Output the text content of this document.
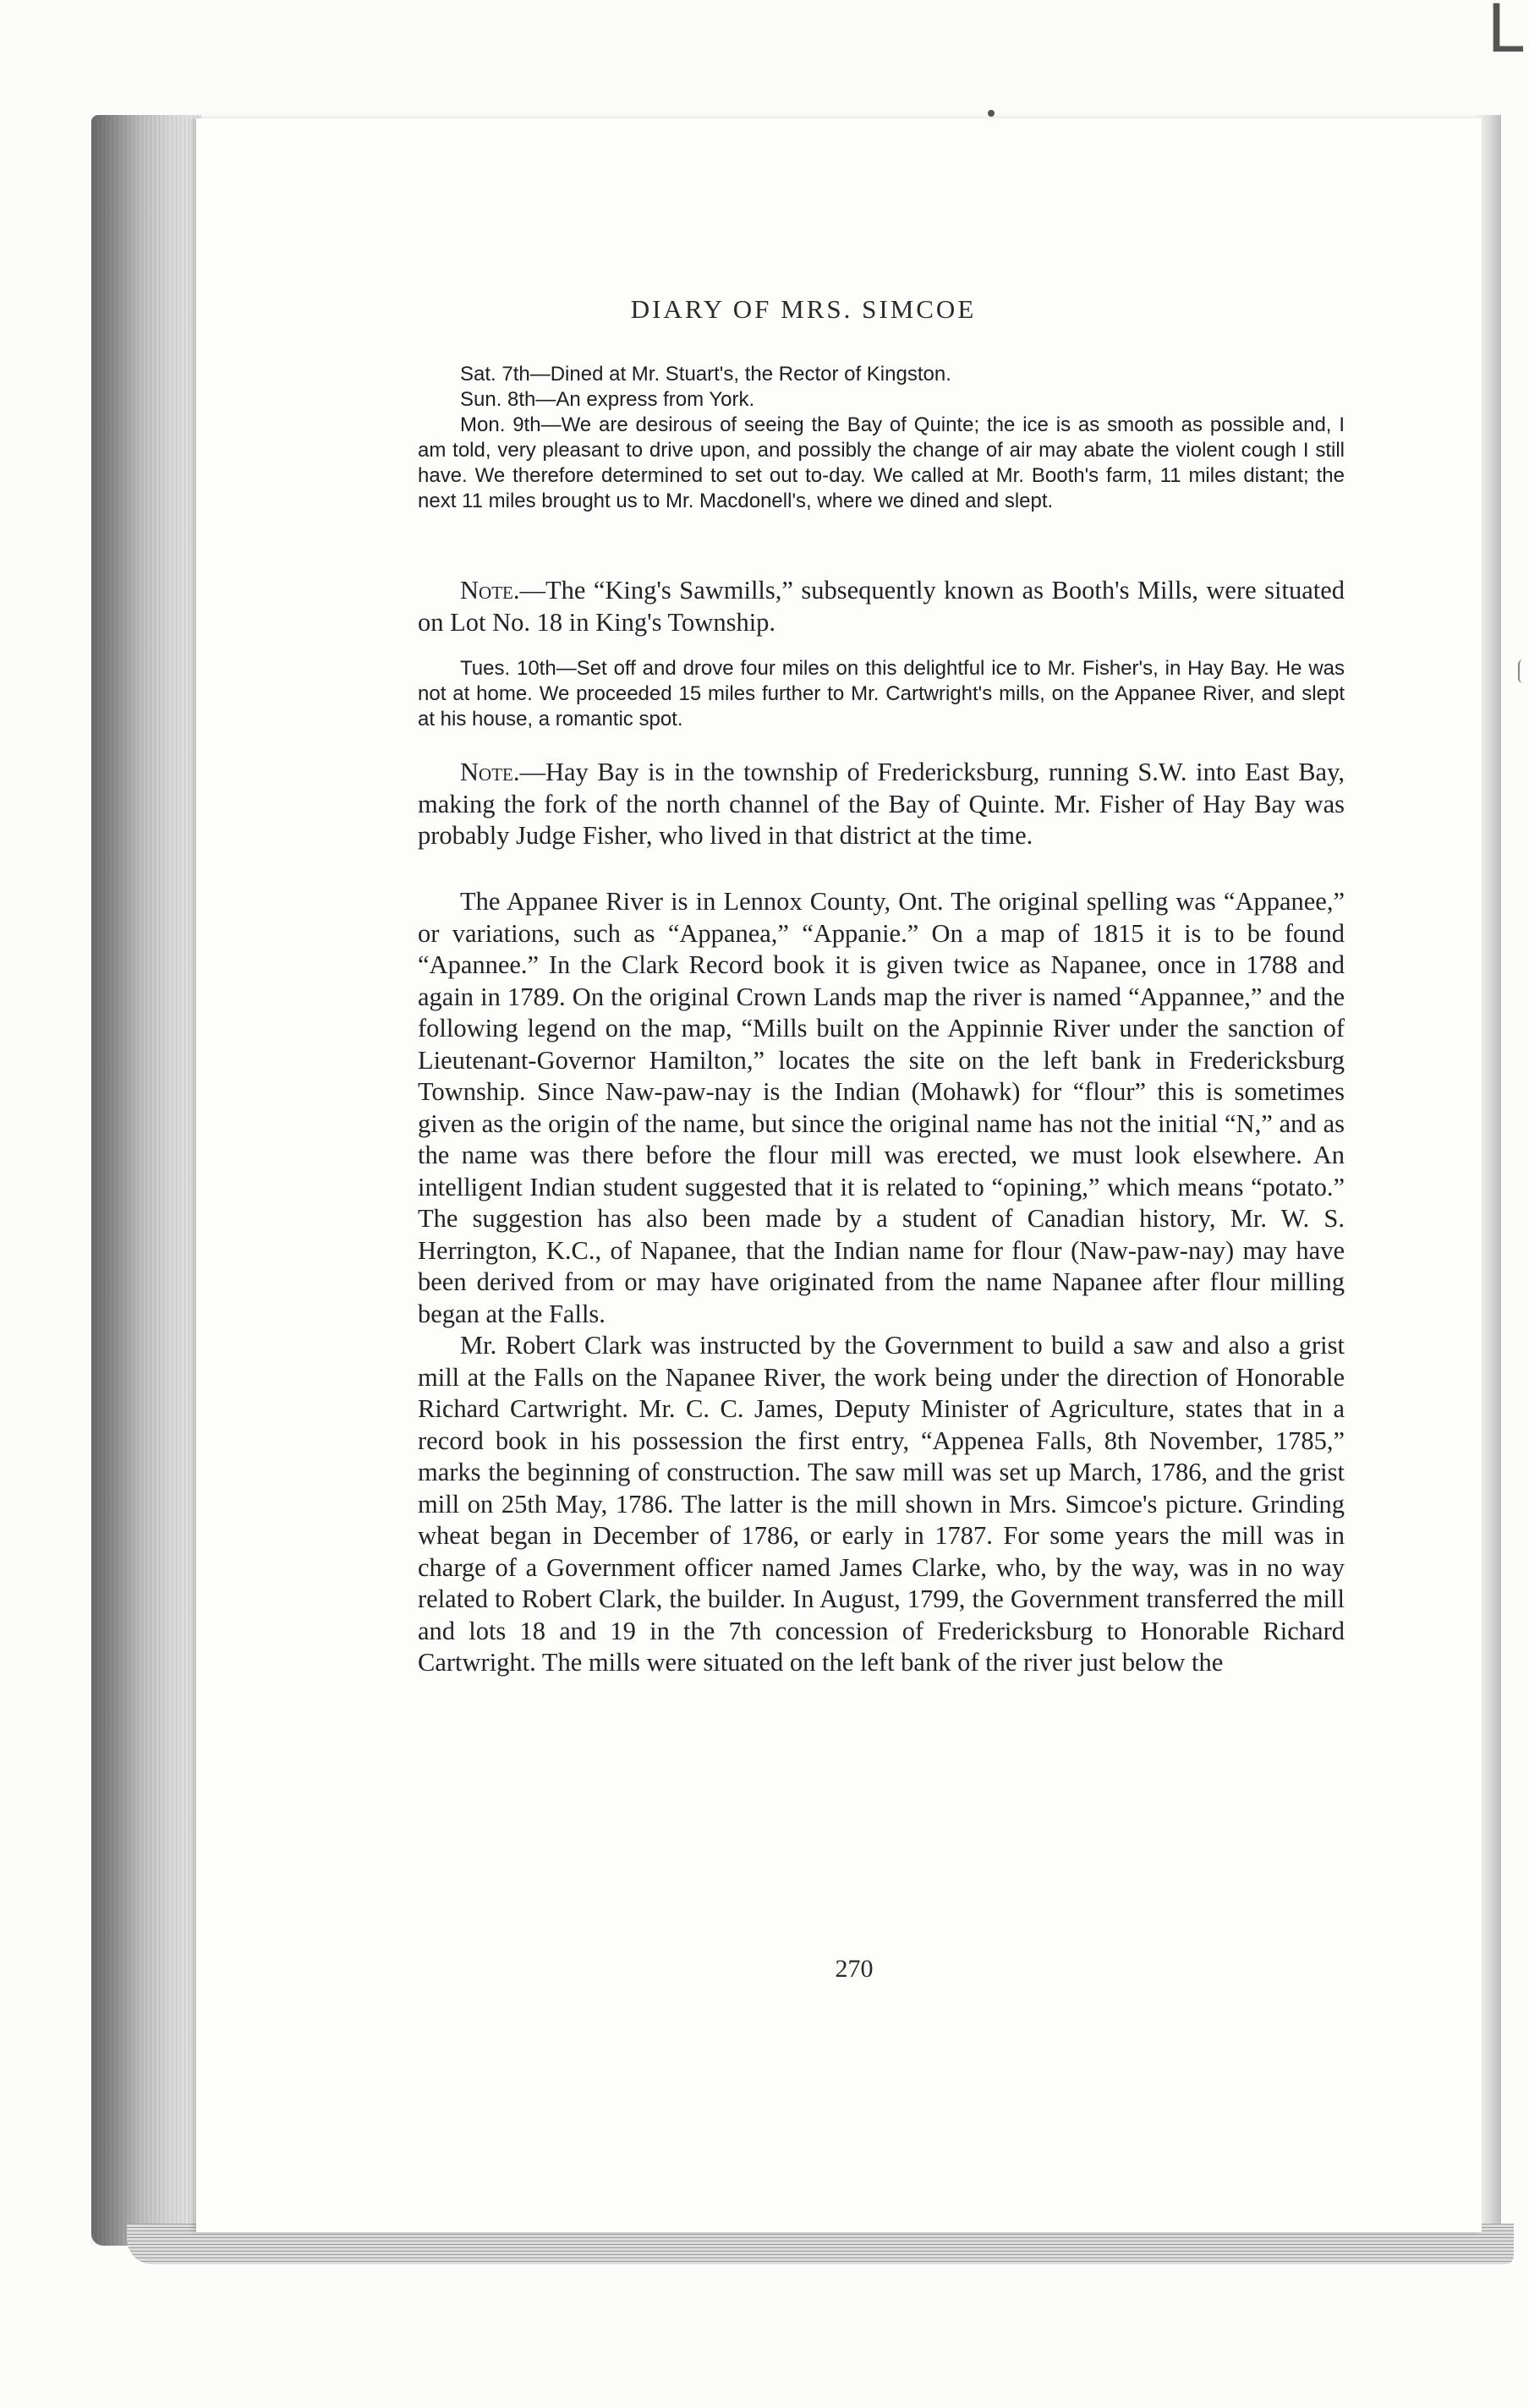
L
DIARY OF MRS. SIMCOE

Sat. 7th—Dined at Mr. Stuart's, the Rector of Kingston.

Sun. 8th—An express from York.

Mon. 9th—We are desirous of seeing the Bay of Quinte; the ice is as smooth as possible and, I am told, very pleasant to drive upon, and possibly the change of air may abate the violent cough I still have. We therefore determined to set out to-day. We called at Mr. Booth's farm, 11 miles distant; the next 11 miles brought us to Mr. Macdonell's, where we dined and slept.

Note.—The “King's Sawmills,” subsequently known as Booth's Mills, were situated on Lot No. 18 in King's Township.

Tues. 10th—Set off and drove four miles on this delightful ice to Mr. Fisher's, in Hay Bay. He was not at home. We proceeded 15 miles further to Mr. Cartwright's mills, on the Appanee River, and slept at his house, a romantic spot.

Note.—Hay Bay is in the township of Fredericksburg, running S.W. into East Bay, making the fork of the north channel of the Bay of Quinte. Mr. Fisher of Hay Bay was probably Judge Fisher, who lived in that district at the time.

The Appanee River is in Lennox County, Ont. The original spelling was “Appanee,” or variations, such as “Appanea,” “Appanie.” On a map of 1815 it is to be found “Apannee.” In the Clark Record book it is given twice as Napanee, once in 1788 and again in 1789. On the original Crown Lands map the river is named “Appannee,” and the following legend on the map, “Mills built on the Appinnie River under the sanction of Lieutenant-Governor Hamilton,” locates the site on the left bank in Fredericksburg Township. Since Naw-paw-nay is the Indian (Mohawk) for “flour” this is sometimes given as the origin of the name, but since the original name has not the initial “N,” and as the name was there before the flour mill was erected, we must look elsewhere. An intelligent Indian student suggested that it is related to “opining,” which means “potato.” The suggestion has also been made by a student of Canadian history, Mr. W. S. Herrington, K.C., of Napanee, that the Indian name for flour (Naw-paw-nay) may have been derived from or may have originated from the name Napanee after flour milling began at the Falls.

Mr. Robert Clark was instructed by the Government to build a saw and also a grist mill at the Falls on the Napanee River, the work being under the direction of Honorable Richard Cartwright. Mr. C. C. James, Deputy Minister of Agriculture, states that in a record book in his possession the first entry, “Appenea Falls, 8th November, 1785,” marks the beginning of construction. The saw mill was set up March, 1786, and the grist mill on 25th May, 1786. The latter is the mill shown in Mrs. Simcoe's picture. Grinding wheat began in December of 1786, or early in 1787. For some years the mill was in charge of a Government officer named James Clarke, who, by the way, was in no way related to Robert Clark, the builder. In August, 1799, the Government transferred the mill and lots 18 and 19 in the 7th concession of Fredericksburg to Honorable Richard Cartwright. The mills were situated on the left bank of the river just below the

270
